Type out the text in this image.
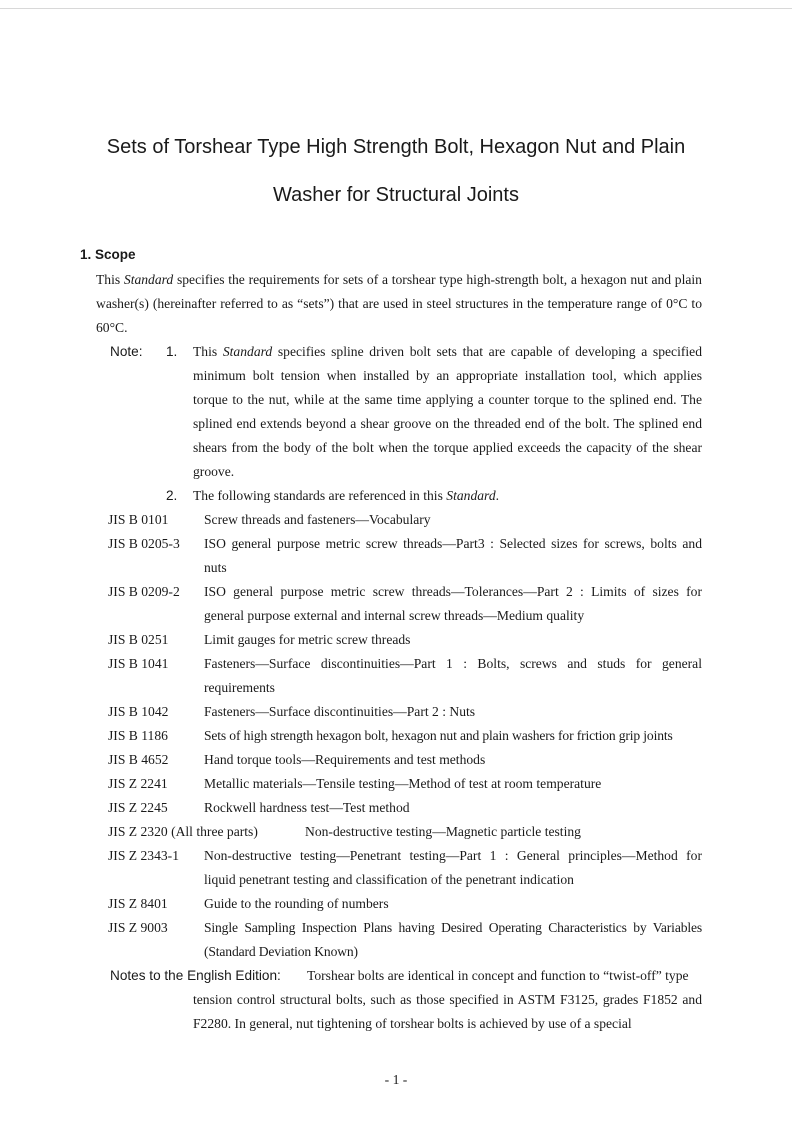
Sets of Torshear Type High Strength Bolt, Hexagon Nut and Plain
Washer for Structural Joints
1. Scope

This Standard specifies the requirements for sets of a torshear type high-strength bolt, a hexagon nut and plain washer(s) (hereinafter referred to as “sets”) that are used in steel structures in the temperature range of 0°C to 60°C.

Note: 1. This Standard specifies spline driven bolt sets that are capable of developing a specified minimum bolt tension when installed by an appropriate installation tool, which applies torque to the nut, while at the same time applying a counter torque to the splined end. The splined end extends beyond a shear groove on the threaded end of the bolt. The splined end shears from the body of the bolt when the torque applied exceeds the capacity of the shear groove.
2. The following standards are referenced in this Standard.
JIS B 0101	Screw threads and fasteners—Vocabulary
JIS B 0205-3 ISO general purpose metric screw threads—Part3 : Selected sizes for screws, bolts and nuts
JIS B 0209-2 ISO general purpose metric screw threads—Tolerances—Part 2 : Limits of sizes for general purpose external and internal screw threads—Medium quality
JIS B 0251	Limit gauges for metric screw threads
JIS B 1041	Fasteners—Surface discontinuities—Part 1 : Bolts, screws and studs for general requirements
JIS B 1042	Fasteners—Surface discontinuities—Part 2 : Nuts
JIS B 1186	Sets of high strength hexagon bolt, hexagon nut and plain washers for friction grip joints
JIS B 4652	Hand torque tools—Requirements and test methods
JIS Z 2241	Metallic materials—Tensile testing—Method of test at room temperature
JIS Z 2245	Rockwell hardness test—Test method
JIS Z 2320 (All three parts)	Non-destructive testing—Magnetic particle testing
JIS Z 2343-1 Non-destructive testing—Penetrant testing—Part 1 : General principles—Method for liquid penetrant testing and classification of the penetrant indication
JIS Z 8401	Guide to the rounding of numbers
JIS Z 9003	Single Sampling Inspection Plans having Desired Operating Characteristics by Variables (Standard Deviation Known)
Notes to the English Edition: Torshear bolts are identical in concept and function to “twist-off” type
tension control structural bolts, such as those specified in ASTM F3125, grades F1852 and F2280. In general, nut tightening of torshear bolts is achieved by use of a special
- 1 -
